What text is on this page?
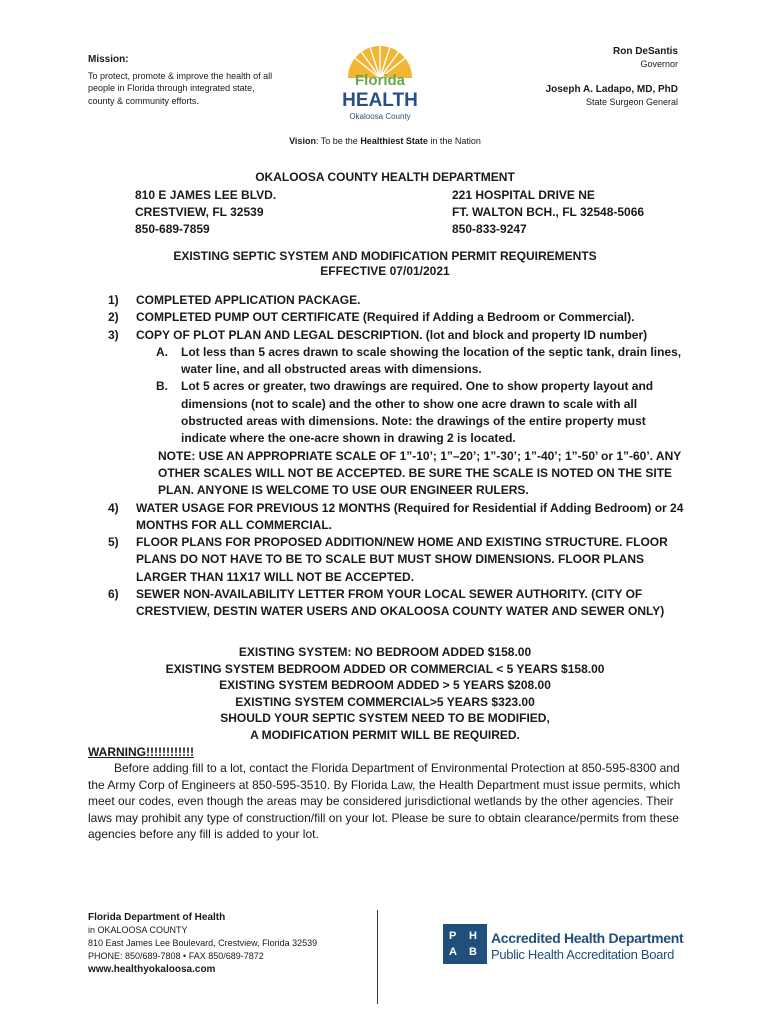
Mission:
To protect, promote & improve the health of all people in Florida through integrated state, county & community efforts.
Florida
HEALTH
Okaloosa County
Ron DeSantis
Governor
Joseph A. Ladapo, MD, PhD
State Surgeon General
Vision: To be the Healthiest State in the Nation
OKALOOSA COUNTY HEALTH DEPARTMENT
810 E JAMES LEE BLVD.
CRESTVIEW, FL 32539
850-689-7859
221 HOSPITAL DRIVE NE
FT. WALTON BCH., FL 32548-5066
850-833-9247
EXISTING SEPTIC SYSTEM AND MODIFICATION PERMIT REQUIREMENTS
EFFECTIVE 07/01/2021
1) COMPLETED APPLICATION PACKAGE.
2) COMPLETED PUMP OUT CERTIFICATE (Required if Adding a Bedroom or Commercial).
3) COPY OF PLOT PLAN AND LEGAL DESCRIPTION. (lot and block and property ID number)
A.	Lot less than 5 acres drawn to scale showing the location of the septic tank, drain lines, water line, and all obstructed areas with dimensions.
B.	Lot 5 acres or greater, two drawings are required. One to show property layout and dimensions (not to scale) and the other to show one acre drawn to scale with all obstructed areas with dimensions. Note: the drawings of the entire property must indicate where the one-acre shown in drawing 2 is located.
NOTE: USE AN APPROPRIATE SCALE OF 1”-10’; 1”–20’; 1”-30’; 1”-40’; 1”-50’ or 1”-60’. ANY OTHER SCALES WILL NOT BE ACCEPTED. BE SURE THE SCALE IS NOTED ON THE SITE PLAN. ANYONE IS WELCOME TO USE OUR ENGINEER RULERS.
4) WATER USAGE FOR PREVIOUS 12 MONTHS (Required for Residential if Adding Bedroom) or 24 MONTHS FOR ALL COMMERCIAL.
5) FLOOR PLANS FOR PROPOSED ADDITION/NEW HOME AND EXISTING STRUCTURE. FLOOR PLANS DO NOT HAVE TO BE TO SCALE BUT MUST SHOW DIMENSIONS. FLOOR PLANS LARGER THAN 11X17 WILL NOT BE ACCEPTED.
6) SEWER NON-AVAILABILITY LETTER FROM YOUR LOCAL SEWER AUTHORITY. (CITY OF CRESTVIEW, DESTIN WATER USERS AND OKALOOSA COUNTY WATER AND SEWER ONLY)
EXISTING SYSTEM: NO BEDROOM ADDED $158.00
EXISTING SYSTEM BEDROOM ADDED OR COMMERCIAL < 5 YEARS $158.00
EXISTING SYSTEM BEDROOM ADDED > 5 YEARS $208.00
EXISTING SYSTEM COMMERCIAL>5 YEARS $323.00
SHOULD YOUR SEPTIC SYSTEM NEED TO BE MODIFIED,
A MODIFICATION PERMIT WILL BE REQUIRED.
WARNING!!!!!!!!!!!!
Before adding fill to a lot, contact the Florida Department of Environmental Protection at 850-595-8300 and the Army Corp of Engineers at 850-595-3510. By Florida Law, the Health Department must issue permits, which meet our codes, even though the areas may be considered jurisdictional wetlands by the other agencies. Their laws may prohibit any type of construction/fill on your lot. Please be sure to obtain clearance/permits from these agencies before any fill is added to your lot.
Florida Department of Health
in OKALOOSA COUNTY
810 East James Lee Boulevard, Crestview, Florida 32539
PHONE: 850/689-7808 • FAX 850/689-7872
www.healthyokaloosa.com
P H
A B
Accredited Health Department
Public Health Accreditation Board
